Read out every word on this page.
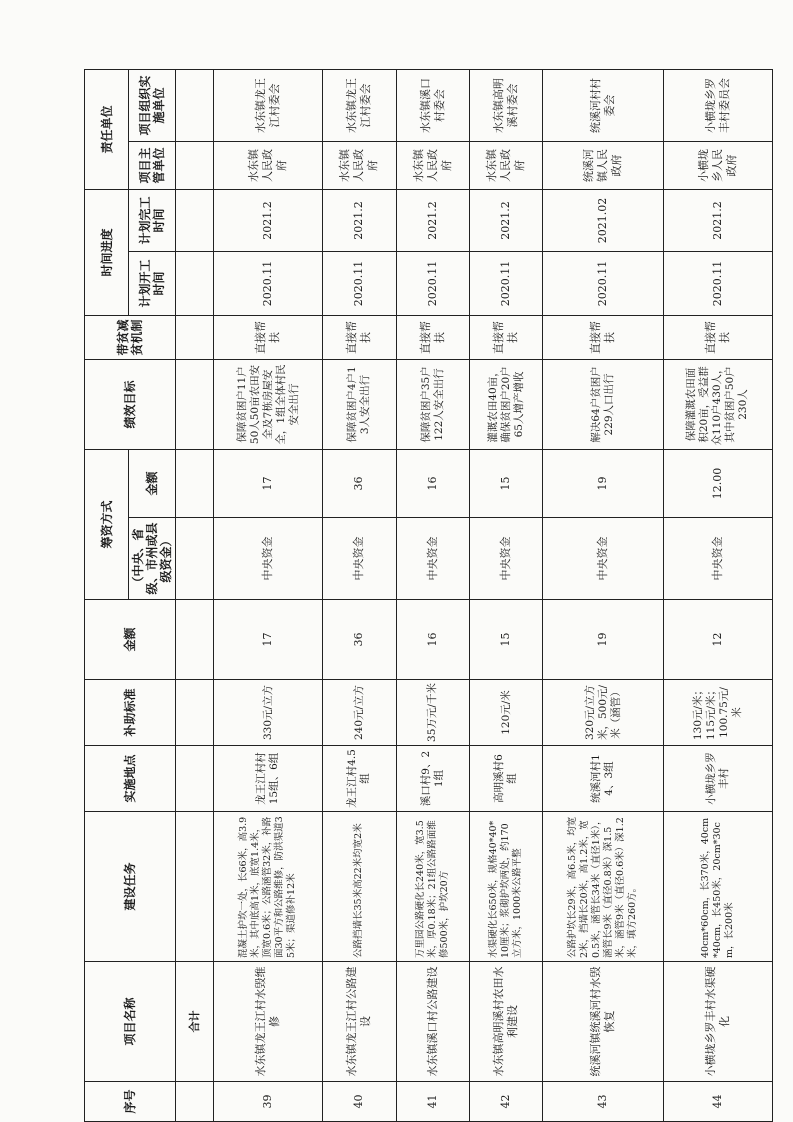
序号	项目名称	建设任务	实施地点	补助标准	金额	筹资方式		绩效目标	带贫减贫机制	时间进度		责任单位	
						（中央、省级、市州或县级资金）	金额			计划开工时间	计划完工时间	项目主管单位	项目组织实施单位
	合计												
39	水东镇龙王江村水毁维修	混凝土护坎一处，长66米，高3.9米，其中底高1米，底宽1.4米，顶宽0.6米；公路涵管32米，补路面30平方和公路维修，防洪渠道35米；渠道修补12米	龙王江村村15组、6组	330元/立方	17	中央资金	17	保障贫困户11户50人50亩农田安全及7栋房屋安全，1组全体村民安全出行	直接帮扶	2020.11	2021.2	水东镇人民政府	水东镇龙王江村委会
40	水东镇龙王江村公路建设	公路挡墙长35米高22米均宽2米	龙王江村4.5组	240元/立方	36	中央资金	36	保障贫困户4户13人安全出行	直接帮扶	2020.11	2021.2	水东镇人民政府	水东镇龙王江村委会
41	水东镇溪口村公路建设	万里园公路硬化长240米，宽3.5米，厚0.18米；21组公路路面维修500米，护坎20方	溪口村9、21组	35万元/千米	16	中央资金	16	保障贫困户35户122人安全出行	直接帮扶	2020.11	2021.2	水东镇人民政府	水东镇溪口村委会
42	水东镇高明溪村农田水利建设	水渠硬化长650米，规格40*40*10厘米；浆砌护坎两处，约170立方米，1000米公路平整	高明溪村6组	120元/米	15	中央资金	15	灌溉农田40亩，确保贫困户20户65人增产增收	直接帮扶	2020.11	2021.2	水东镇人民政府	水东镇高明溪村委会
43	统溪河镇统溪河村水毁恢复	公路护坎长29米，高6.5米，均宽2米，挡墙长20米，高1.2米，宽0.5米，涵管长34米（直径1米），涵管长9米（直径0.8米）深1.5米，涵管9米（直径0.6米）深1.2米，填方260方。	统溪河村14、3组	320元/立方米，500元/米（涵管）	19	中央资金	19	解决64户贫困户229人口出行	直接帮扶	2020.11	2021.02	统溪河镇人民政府	统溪河村村委会
44	小横垅乡罗丰村水渠硬化	40cm*60cm，长370米，40cm*40cm，长450米，20cm*30cm，长200米	小横垅乡罗丰村	130元/米；115元/米；100.75元/米	12	中央资金	12.00	保障灌溉农田面积20亩，受益群众110户430人，其中贫困户50户230人	直接帮扶	2020.11	2021.2	小横垅乡人民政府	小横垅乡罗丰村委员会
